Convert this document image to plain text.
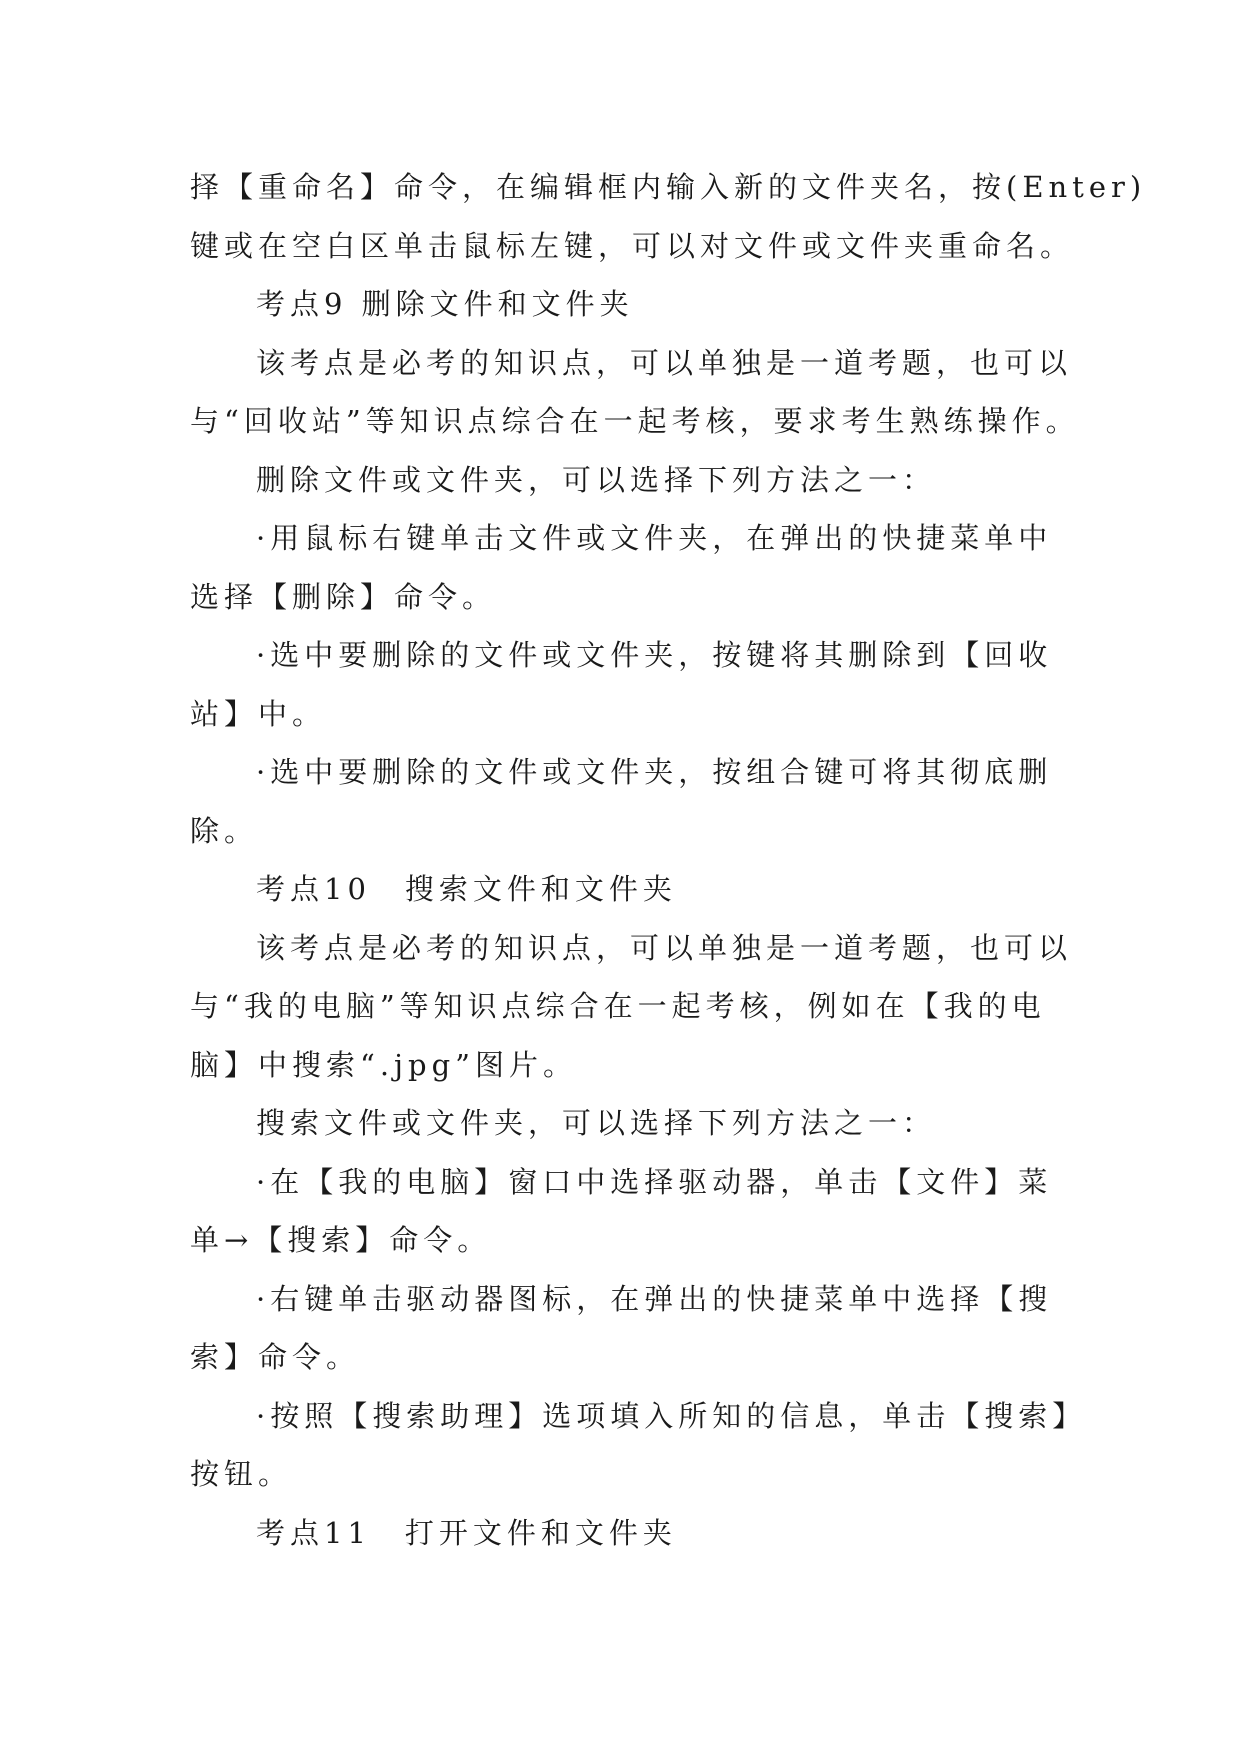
择【重命名】命令，在编辑框内输入新的文件夹名，按(Enter)
键或在空白区单击鼠标左键，可以对文件或文件夹重命名。
考点9 删除文件和文件夹
该考点是必考的知识点，可以单独是一道考题，也可以
与“回收站”等知识点综合在一起考核，要求考生熟练操作。
删除文件或文件夹，可以选择下列方法之一：
·用鼠标右键单击文件或文件夹，在弹出的快捷菜单中
选择【删除】命令。
·选中要删除的文件或文件夹，按键将其删除到【回收
站】中。
·选中要删除的文件或文件夹，按组合键可将其彻底删
除。
考点10　搜索文件和文件夹
该考点是必考的知识点，可以单独是一道考题，也可以
与“我的电脑”等知识点综合在一起考核，例如在【我的电
脑】中搜索“.jpg”图片。
搜索文件或文件夹，可以选择下列方法之一：
·在【我的电脑】窗口中选择驱动器，单击【文件】菜
单→【搜索】命令。
·右键单击驱动器图标，在弹出的快捷菜单中选择【搜
索】命令。
·按照【搜索助理】选项填入所知的信息，单击【搜索】
按钮。
考点11　打开文件和文件夹
